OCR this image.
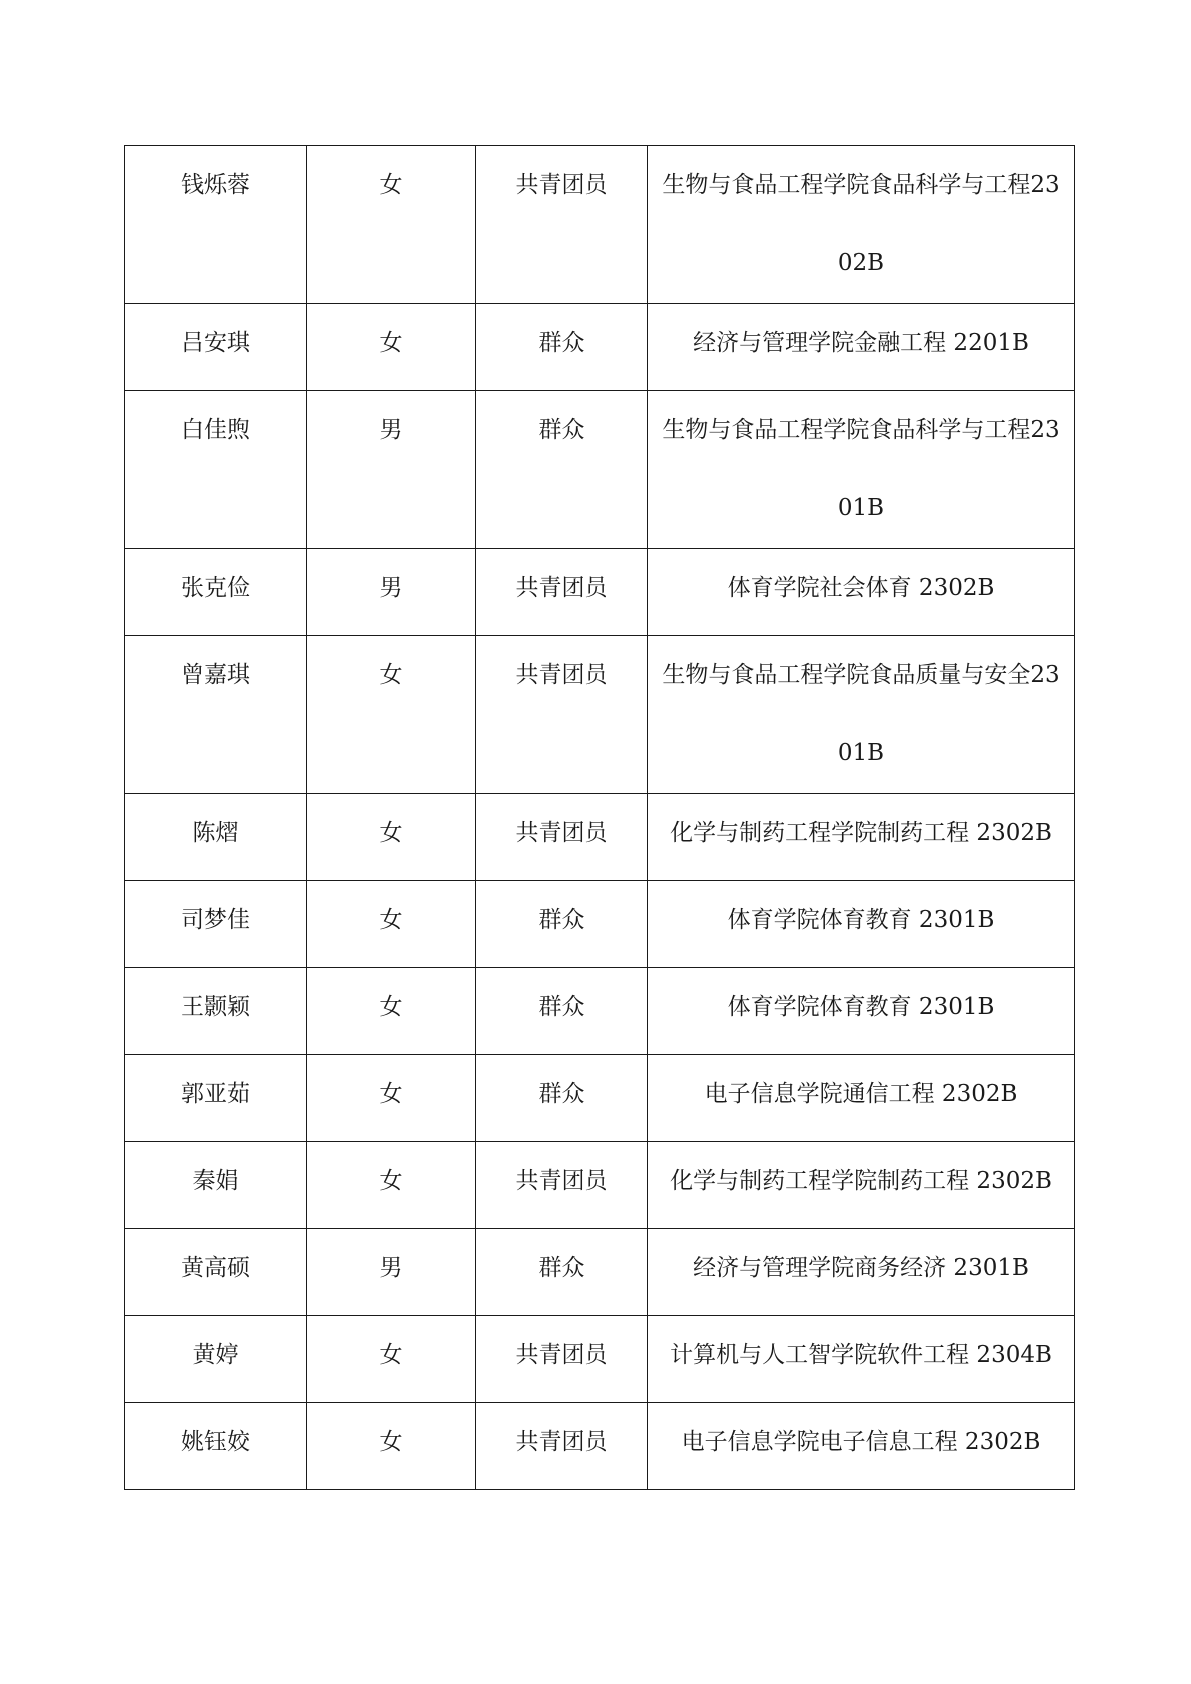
钱烁蓉	女	共青团员	生物与食品工程学院食品科学与工程2302B

吕安琪	女	群众	经济与管理学院金融工程 2201B

白佳煦	男	群众	生物与食品工程学院食品科学与工程2301B

张克俭	男	共青团员	体育学院社会体育 2302B

曾嘉琪	女	共青团员	生物与食品工程学院食品质量与安全2301B

陈熠	女	共青团员	化学与制药工程学院制药工程 2302B

司梦佳	女	群众	体育学院体育教育 2301B

王颢颖	女	群众	体育学院体育教育 2301B

郭亚茹	女	群众	电子信息学院通信工程 2302B

秦娟	女	共青团员	化学与制药工程学院制药工程 2302B

黄高硕	男	群众	经济与管理学院商务经济 2301B

黄婷	女	共青团员	计算机与人工智学院软件工程 2304B

姚钰姣	女	共青团员	电子信息学院电子信息工程 2302B
